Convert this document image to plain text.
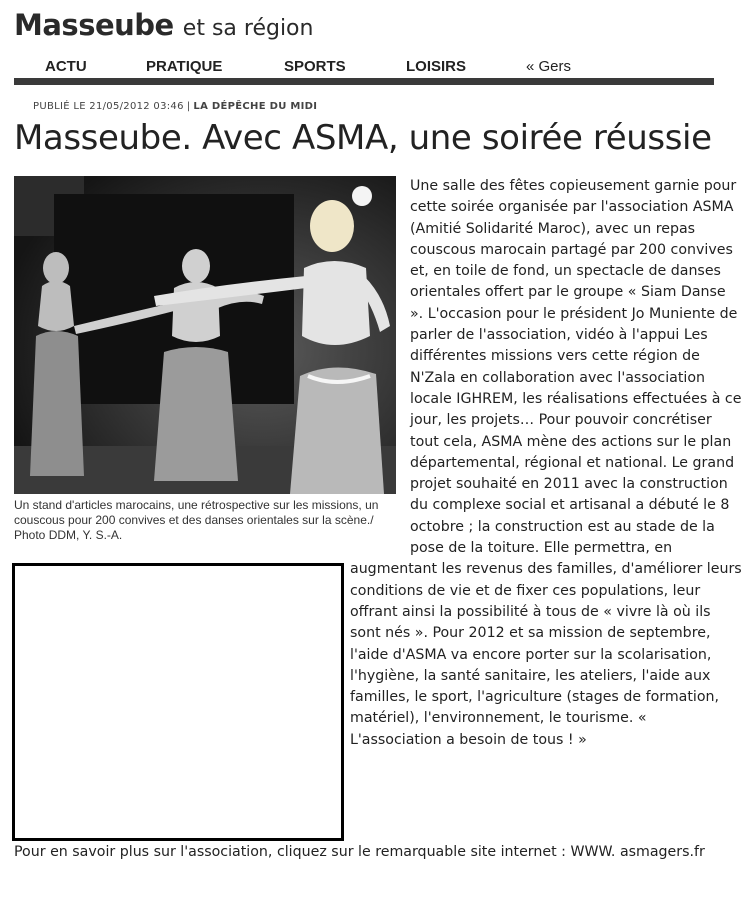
Masseube et sa région
ACTU	PRATIQUE	SPORTS	LOISIRS	« Gers
PUBLIÉ LE 21/05/2012 03:46 | LA DÉPÊCHE DU MIDI
Masseube. Avec ASMA, une soirée réussie
Un stand d'articles marocains, une rétrospective sur les missions, un couscous pour 200 convives et des danses orientales sur la scène./ Photo DDM, Y. S.-A.

Une salle des fêtes copieusement garnie pour cette soirée organisée par l'association ASMA (Amitié Solidarité Maroc), avec un repas couscous marocain partagé par 200 convives et, en toile de fond, un spectacle de danses orientales offert par le groupe « Siam Danse ». L'occasion pour le président Jo Muniente de parler de l'association, vidéo à l'appui Les différentes missions vers cette région de N'Zala en collaboration avec l'association locale IGHREM, les réalisations effectuées à ce jour, les projets… Pour pouvoir concrétiser tout cela, ASMA mène des actions sur le plan départemental, régional et national. Le grand projet souhaité en 2011 avec la construction du complexe social et artisanal a débuté le 8 octobre ; la construction est au stade de la pose de la toiture. Elle permettra, en augmentant les revenus des familles, d'améliorer leurs conditions de vie et de fixer ces populations, leur offrant ainsi la possibilité à tous de « vivre là où ils sont nés ». Pour 2012 et sa mission de septembre, l'aide d'ASMA va encore porter sur la scolarisation, l'hygiène, la santé sanitaire, les ateliers, l'aide aux familles, le sport, l'agriculture (stages de formation, matériel), l'environnement, le tourisme. « L'association a besoin de tous ! »

Pour en savoir plus sur l'association, cliquez sur le remarquable site internet : WWW. asmagers.fr
